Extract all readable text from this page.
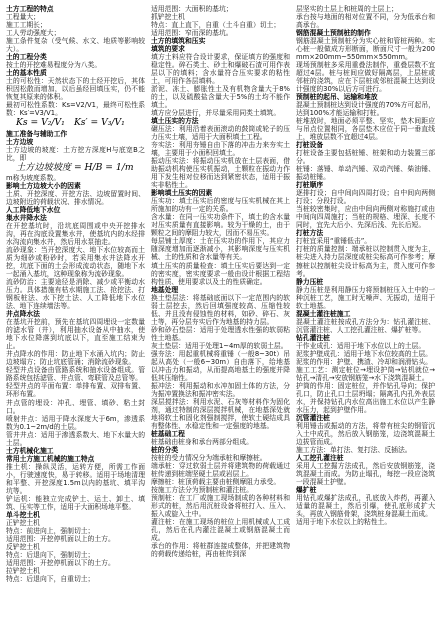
土方工程的特点
工程量大；
施工工期长；
工人劳动强度大；
施工条件复杂（受气候、水文、地质等影响较大）。
土的工程分类
按土的开挖难易程度分为八类。
土的基本性质
土的可松性：天然状态下的土经开挖后，其体积因松散而增加，以后虽经回填压实，仍不能恢复其原来的体积。
最初可松性系数：Ks=V2/V1，最终可松性系数：Ks′=V3/V1。
Ks = V₂/V₁　Ks′ = V₃/V₁
施工准备与辅助工作
土方边坡
土方边坡的坡度：土方挖方深度H与底宽B之比，即
土方边坡坡度 = H/B = 1/m
m称为坡度系数。
影响土方边坡大小的因素
土质、开挖深度、开挖方法、边坡留置时间、边坡附近的荷载状况、排水情况。
人工降低地下水位
集水井降水法
在开挖基坑时，沿坑底周围或中央开挖排水沟，再在沟底设置集水井，使基坑内的水经排水沟流向集水井，然后用水泵抽走。
流砂现象：当开挖深度大、地下水位较高而土质为细砂或粉砂时，若采用集水井法降水开挖，坑底下面的土会形成流动状态，随地下水一起涌入基坑，这种现象称为流砂现象。
流砂防治：主要途径是消除、减少或平衡动水压力。具体措施有枯水期施工法、抢挖法、打钢板桩法、水下挖土法、人工降低地下水位法、地下连续墙法等。
井点降水法
在基坑开挖前，预先在基坑四周埋设一定数量的滤水管（井），利用抽水设备从中抽水，使地下水位降落到坑底以下，直至施工结束为止。
井点降水的作用：防止地下水涌入坑内；防止边坡塌方；防止坑底管涌；消除流砂现象。
轻型井点设备由管路系统和抽水设备组成。管路系统包括滤管、井点管、弯联管及总管等。
轻型井点的平面布置：单排布置、双排布置、环形布置。
井点管的埋设：冲孔、埋管、填砂、粘土封口。
喷射井点：适用于降水深度大于6m，渗透系数为0.1~2m/d的土层。
管井井点：适用于渗透系数大、地下水量大的土层。
土方机械化施工
常用土方施工机械的施工特点
推土机：操纵灵活，运转方便，所需工作面小，行驶速度快，易于转移。适用于场地清理和平整、开挖深度1.5m以内的基坑、填平沟坑等。
铲运机：能独立完成铲土、运土、卸土、填筑、压实等工作，适用于大面积场地平整。
单斗挖土机
正铲挖土机
特点：前进向上，强制切土；
适用范围：开挖停机面以上的土方。
反铲挖土机
特点：后退向下，强制切土；
适用范围：开挖停机面以下的土方。
拉铲挖土机
特点：后退向下，自重切土；
适用范围：大面积的基坑；
抓铲挖土机
特点：直上直下，自重（土斗自重）切土；
适用范围：窄而深的基坑。
土方的填筑和压实
填筑的要求
填方土料应符合设计要求，保证填方的强度和稳定性。碎石类土、砂土和爆破石渣可用作表层以下的填料；含水量符合压实要求的粘性土，可用作各层填料。
淤泥、冻土、膨胀性土及有机物含量大于8%的土，以及硫酸盐含量大于5%的土均不能作填土。
填方应分层进行，并尽量采用同类土填筑。
填土压实的方法
碾压法：利用沿着表面滚动的鼓筒或轮子的压力压实土壤，适用于大面积填土工程。
夯实法：利用夯锤自由下落的冲击力来夯实土壤，主要用于小面积回填土。
振动压实法：将振动压实机放在土层表面，借助振动机构使压实机振动，土颗粒在振动力作用下发生相对位移而达到紧密状态，适用于振实非粘性土。
影响填土压实的因素
压实功：填土压实后的密度与压实机械在其上所施加的功有一定的关系。
含水量：在同一压实功条件下，填土的含水量对压实质量有直接影响。较为干燥的土，由于颗粒之间的摩阻力较大，因而不易压实。
每层铺土厚度：土在压实功的作用下，其应力随深度增加而逐渐减小，其影响深度与压实机械、土的性质和含水量等有关。
填土压实的质量检查：填土压实后要达到一定的密实度，密实度要求一般由设计根据工程结构性质、使用要求以及土的性质确定。
地基处理
换土垫层法：将基础底面以下一定范围内的软弱土层挖去，然后回填强度较高、压缩性较低、并且没有侵蚀性的材料，如砂、碎石、灰土等，再分层夯实后作为地基的持力层。
砂和砂石垫层：适用于处理透水性强的软弱粘性土地基。
灰土垫层：适用于处理1~4m厚的软弱土层。
强夯法：用起重机械将重锤（一般8~30t）吊起从高处（一般6~30m）自由落下，给地基以冲击力和振动，从而提高地基土的强度并降低其压缩性。
振冲法：利用振动和水冲加固土体的方法，分为振冲置换法和振冲密实法。
深层搅拌法：利用水泥、石灰等材料作为固化剂，通过特制的深层搅拌机械，在地基深处就地将软土和固化剂强制搅拌，使软土硬结成具有整体性、水稳定性和一定强度的地基。
桩基础工程
桩基础由桩身和承台两部分组成。
桩的分类
按桩的受力情况分为端承桩和摩擦桩。
端承桩：穿过软弱土层并将建筑物的荷载通过桩传递到桩端坚硬土层或岩层上。
摩擦桩：桩顶荷载主要由桩侧摩阻力承受。
按施工方法分为预制桩和灌注桩。
预制桩：在工厂或施工现场制成的各种材料和形式的桩，然后用沉桩设备将桩打入、压入、振入或旋入土中。
灌注桩：在施工现场的桩位上用机械或人工成孔，然后在孔内灌注混凝土或钢筋混凝土而成。
承台的作用：将桩群连接成整体，并把建筑物的荷载传递给桩，再由桩传到深
层坚实的土层上和桩周的土层上；
承台按与地面的相对位置不同，分为低承台和高承台。
钢筋混凝土预制桩的制作
钢筋混凝土预制桩分为实心桩和管桩两种。实心桩一般做成方形断面，断面尺寸一般为200mm×200mm~550mm×550mm。
现场预制桩多采用重叠法制作，重叠层数不宜超过4层。桩与桩间应做好隔离层，上层桩或邻桩的浇筑，应在下层桩或邻桩混凝土达到设计强度的30%以后方可进行。
预制桩的起吊、运输和堆放
混凝土预制桩达到设计强度的70%方可起吊，达到100%才能运输和打桩。
桩堆放时，地面必须平整、坚实，垫木间距应与吊点位置相同，各层垫木应位于同一垂直线上，堆放层数不宜超过4层。
打桩设备
打桩设备主要包括桩锤、桩架和动力装置三部分。
桩锤：落锤、单动汽锤、双动汽锤、柴油锤、振动桩锤。
打桩顺序
逐排打设；自中间向四周打设；自中间向两侧打设；分段打设。
当桩较密集时，应由中间向两侧对称施打或由中间向四周施打；当桩的规格、埋深、长度不同时，宜先大后小、先深后浅、先长后短。
打桩方法
打桩宜采用“重锤低击”。
打桩的质量控制：端承桩以控制贯入度为主，桩尖进入持力层深度或桩尖标高可作参考；摩擦桩以控制桩尖设计标高为主，贯入度可作参考。
静力压桩
静力压桩是利用静压力将预制桩压入土中的一种沉桩工艺，施工时无噪声、无振动，适用于软土地基。
混凝土灌注桩施工
混凝土灌注桩按成孔方法分为：钻孔灌注桩、沉管灌注桩、人工挖孔灌注桩、爆扩桩等。
钻孔灌注桩
干作业成孔：适用于地下水位以上的土层。
泥浆护壁成孔：适用于地下水位较高的土层。
泥浆的作用：护壁、携渣、冷却和润滑钻头。
施工工艺：测定桩位→埋设护筒→钻机就位→钻孔→清孔→安放钢筋笼→水下浇筑混凝土。
护筒的作用：固定桩位，并作钻孔导向；保护孔口，防止孔口土层坍塌；隔离孔内孔外表层水，并保持钻孔内水位高出施工水位以产生静水压力，起到护壁作用。
沉管灌注桩
利用锤击或振动的方法，将带有桩尖的钢管沉入土中成孔，然后放入钢筋笼，边浇筑混凝土边拔管而成。
施工方法：单打法、复打法、反插法。
人工挖孔灌注桩
采用人工挖掘方法成孔，然后安放钢筋笼，浇筑混凝土而成。为防止塌孔，每挖一段应浇筑一段混凝土护壁。
爆扩桩
用钻孔或爆扩法成孔，孔底放入炸药，再灌入适量的混凝土，然后引爆，使孔底形成扩大头，再放入钢筋骨架，浇筑桩身混凝土而成。
适用于地下水位以上的粘性土。
